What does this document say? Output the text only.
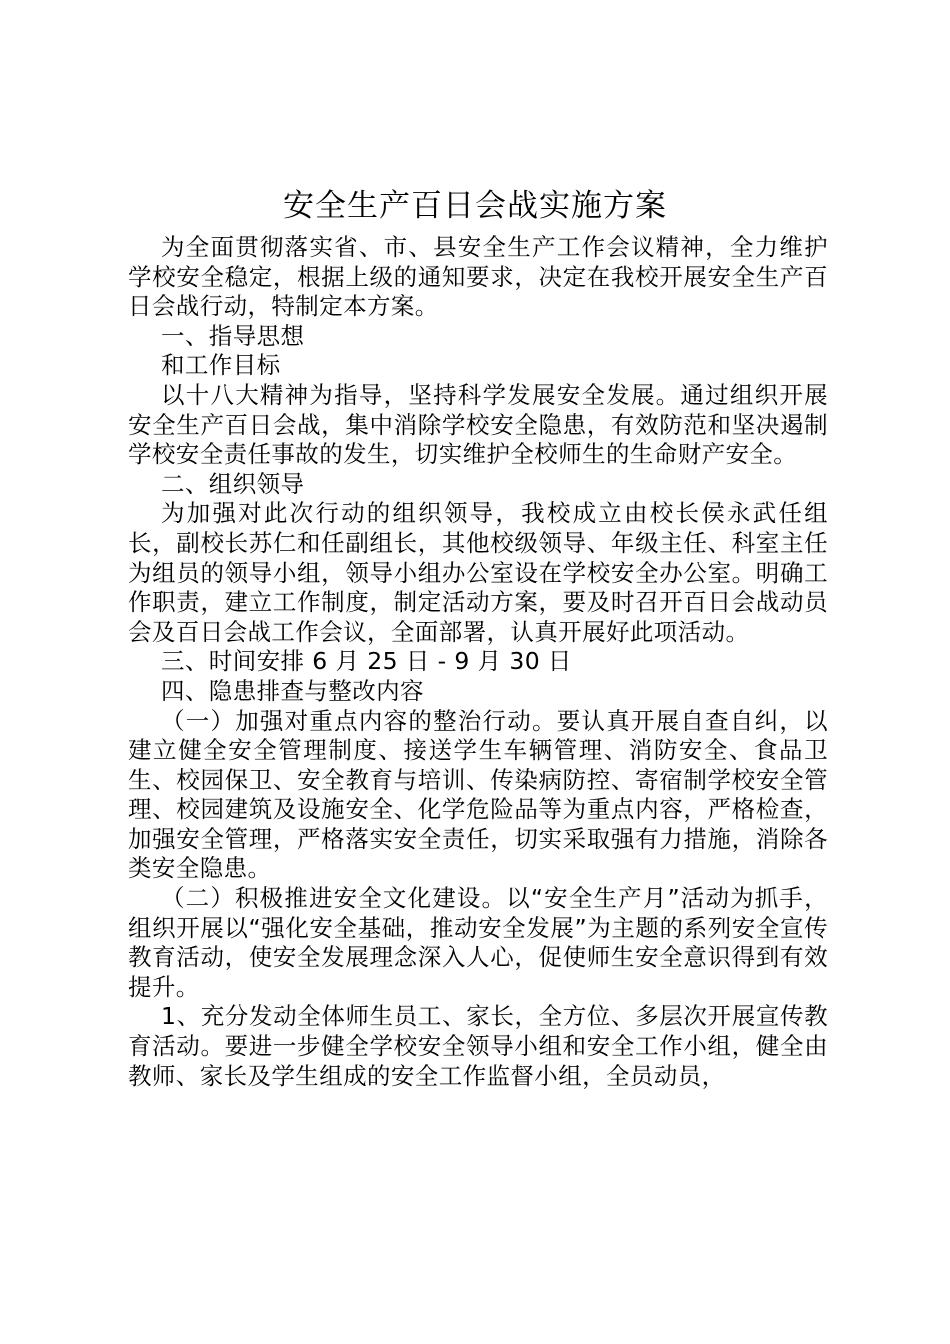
安全生产百日会战实施方案

为全面贯彻落实省、市、县安全生产工作会议精神，全力维护学校安全稳定，根据上级的通知要求，决定在我校开展安全生产百日会战行动，特制定本方案。

一、指导思想

和工作目标

以十八大精神为指导，坚持科学发展安全发展。通过组织开展安全生产百日会战，集中消除学校安全隐患，有效防范和坚决遏制学校安全责任事故的发生，切实维护全校师生的生命财产安全。

二、组织领导

为加强对此次行动的组织领导，我校成立由校长侯永武任组长，副校长苏仁和任副组长，其他校级领导、年级主任、科室主任为组员的领导小组，领导小组办公室设在学校安全办公室。明确工作职责，建立工作制度，制定活动方案，要及时召开百日会战动员会及百日会战工作会议，全面部署，认真开展好此项活动。

三、时间安排 6 月 25 日 - 9 月 30 日

四、隐患排查与整改内容

（一）加强对重点内容的整治行动。要认真开展自查自纠，以建立健全安全管理制度、接送学生车辆管理、消防安全、食品卫生、校园保卫、安全教育与培训、传染病防控、寄宿制学校安全管理、校园建筑及设施安全、化学危险品等为重点内容，严格检查，加强安全管理，严格落实安全责任，切实采取强有力措施，消除各类安全隐患。

（二）积极推进安全文化建设。以“安全生产月”活动为抓手，组织开展以“强化安全基础，推动安全发展”为主题的系列安全宣传教育活动，使安全发展理念深入人心，促使师生安全意识得到有效提升。

1、充分发动全体师生员工、家长，全方位、多层次开展宣传教育活动。要进一步健全学校安全领导小组和安全工作小组，健全由教师、家长及学生组成的安全工作监督小组，全员动员，
